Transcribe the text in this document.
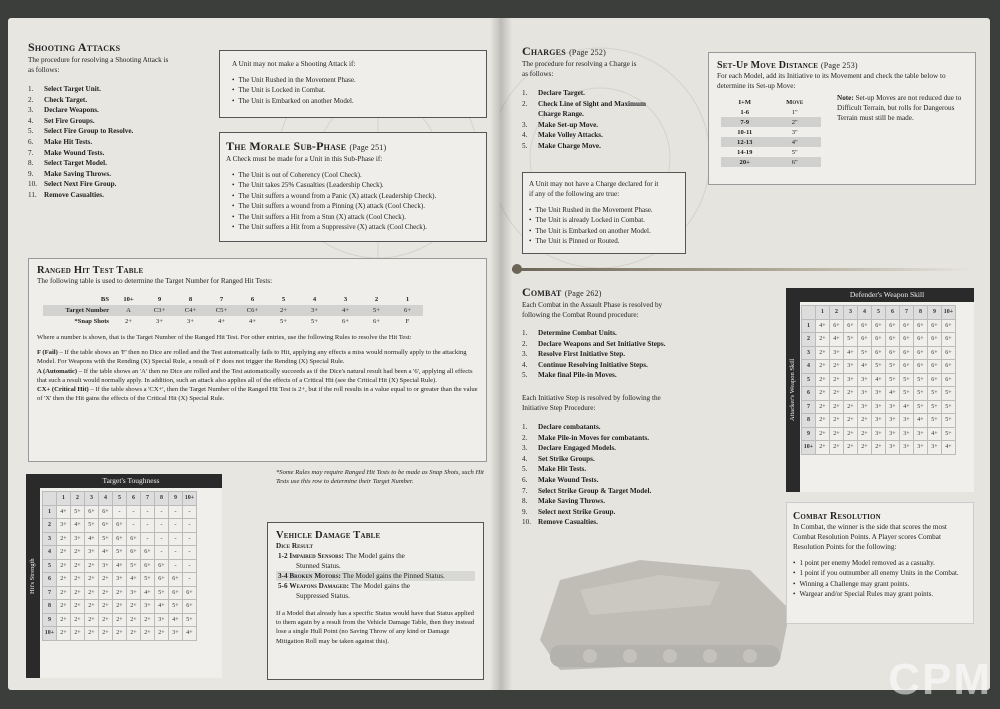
Shooting Attacks
The procedure for resolving a Shooting Attack is
as follows:
1. Select Target Unit.
2. Check Target.
3. Declare Weapons.
4. Set Fire Groups.
5. Select Fire Group to Resolve.
6. Make Hit Tests.
7. Make Wound Tests.
8. Select Target Model.
9. Make Saving Throws.
10. Select Next Fire Group.
11. Remove Casualties.
A Unit may not make a Shooting Attack if:
• The Unit Rushed in the Movement Phase.
• The Unit is Locked in Combat.
• The Unit is Embarked on another Model.
The Morale Sub-Phase (Page 251)
A Check must be made for a Unit in this Sub-Phase if:
• The Unit is out of Coherency (Cool Check).
• The Unit takes 25% Casualties (Leadership Check).
• The Unit suffers a wound from a Panic (X) attack (Leadership Check).
• The Unit suffers a wound from a Pinning (X) attack (Cool Check).
• The Unit suffers a Hit from a Stun (X) attack (Cool Check).
• The Unit suffers a Hit from a Suppressive (X) attack (Cool Check).
Ranged Hit Test Table
The following table is used to determine the Target Number for Ranged Hit Tests:
BS	10+	9	8	7	6	5	4	3	2	1
Target Number	A	C3+	C4+	C5+	C6+	2+	3+	4+	5+	6+
*Snap Shots	2+	3+	3+	4+	4+	5+	5+	6+	6+	F
Where a number is shown, that is the Target Number of the Ranged Hit Test. For other entries, use the following Rules to resolve the Hit Test:
F (Fail) – If the table shows an 'F' then no Dice are rolled and the Test automatically fails to Hit, applying any effects a miss would normally apply to the attacking Model. For Weapons with the Rending (X) Special Rule, a result of F does not trigger the Rending (X) Special Rule.
A (Automatic) – If the table shows an 'A' then no Dice are rolled and the Test automatically succeeds as if the Dice's natural result had been a '6', applying all effects that such a result would normally apply. In addition, such an attack also applies all of the effects of a Critical Hit (see the Critical Hit (X) Special Rule).
CX+ (Critical Hit) – If the table shows a 'CX+', then the Target Number of the Ranged Hit Test is 2+, but if the roll results in a value equal to or greater than the value of 'X' then the Hit gains the effects of the Critical Hit (X) Special Rule.
*Some Rules may require Ranged Hit Tests to be made as Snap Shots, such Hit Tests use this row to determine their Target Number.
Target's Toughness
Hit's Strength
	1	2	3	4	5	6	7	8	9	10+
1	4+	5+	6+	6+	-	-	-	-	-	-
2	3+	4+	5+	6+	6+	-	-	-	-	-
3	2+	3+	4+	5+	6+	6+	-	-	-	-
4	2+	2+	3+	4+	5+	6+	6+	-	-	-
5	2+	2+	2+	3+	4+	5+	6+	6+	-	-
6	2+	2+	2+	2+	3+	4+	5+	6+	6+	-
7	2+	2+	2+	2+	2+	3+	4+	5+	6+	6+
8	2+	2+	2+	2+	2+	2+	3+	4+	5+	6+
9	2+	2+	2+	2+	2+	2+	2+	3+	4+	5+
10+	2+	2+	2+	2+	2+	2+	2+	2+	3+	4+
Vehicle Damage Table
Dice Result
1-2 Impaired Sensors: The Model gains the
Stunned Status.
3-4 Broken Motors: The Model gains the Pinned Status.
5-6 Weapons Damaged: The Model gains the
Suppressed Status.
If a Model that already has a specific Status would have that Status applied to them again by a result from the Vehicle Damage Table, then they instead lose a single Hull Point (no Saving Throw of any kind or Damage Mitigation Roll may be taken against this).
Charges (Page 252)
The procedure for resolving a Charge is
as follows:
1. Declare Target.
2. Check Line of Sight and Maximum
Charge Range.
3. Make Set-up Move.
4. Make Volley Attacks.
5. Make Charge Move.
Set-Up Move Distance (Page 253)
For each Model, add its Initiative to its Movement and check the table below to determine its Set-up Move:
I+M	Move
1-6	1"
7-9	2"
10-11	3"
12-13	4"
14-19	5"
20+	6"
Note: Set-up Moves are not reduced due to Difficult Terrain, but rolls for Dangerous Terrain must still be made.
A Unit may not have a Charge declared for it
if any of the following are true:
• The Unit Rushed in the Movement Phase.
• The Unit is already Locked in Combat.
• The Unit is Embarked on another Model.
• The Unit is Pinned or Routed.
Combat (Page 262)
Each Combat in the Assault Phase is resolved by
following the Combat Round procedure:
1. Determine Combat Units.
2. Declare Weapons and Set Initiative Steps.
3. Resolve First Initiative Step.
4. Continue Resolving Initiative Steps.
5. Make final Pile-in Moves.
Each Initiative Step is resolved by following the
Initiative Step Procedure:
1. Declare combatants.
2. Make Pile-in Moves for combatants.
3. Declare Engaged Models.
4. Set Strike Groups.
5. Make Hit Tests.
6. Make Wound Tests.
7. Select Strike Group & Target Model.
8. Make Saving Throws.
9. Select next Strike Group.
10. Remove Casualties.
Defender's Weapon Skill
Attacker's Weapon Skill
	1	2	3	4	5	6	7	8	9	10+
1	4+	6+	6+	6+	6+	6+	6+	6+	6+	6+
2	2+	4+	5+	6+	6+	6+	6+	6+	6+	6+
3	2+	3+	4+	5+	6+	6+	6+	6+	6+	6+
4	2+	2+	3+	4+	5+	5+	6+	6+	6+	6+
5	2+	2+	3+	3+	4+	5+	5+	5+	6+	6+
6	2+	2+	2+	3+	3+	4+	5+	5+	5+	5+
7	2+	2+	2+	3+	3+	3+	4+	5+	5+	5+
8	2+	2+	2+	2+	3+	3+	3+	4+	5+	5+
9	2+	2+	2+	2+	3+	3+	3+	3+	4+	5+
10+	2+	2+	2+	2+	2+	3+	3+	3+	3+	4+
Combat Resolution
In Combat, the winner is the side that scores the most Combat Resolution Points. A Player scores Combat Resolution Points for the following:
• 1 point per enemy Model removed as a casualty.
• 1 point if you outnumber all enemy Units in the Combat.
• Winning a Challenge may grant points.
• Wargear and/or Special Rules may grant points.
CPM
